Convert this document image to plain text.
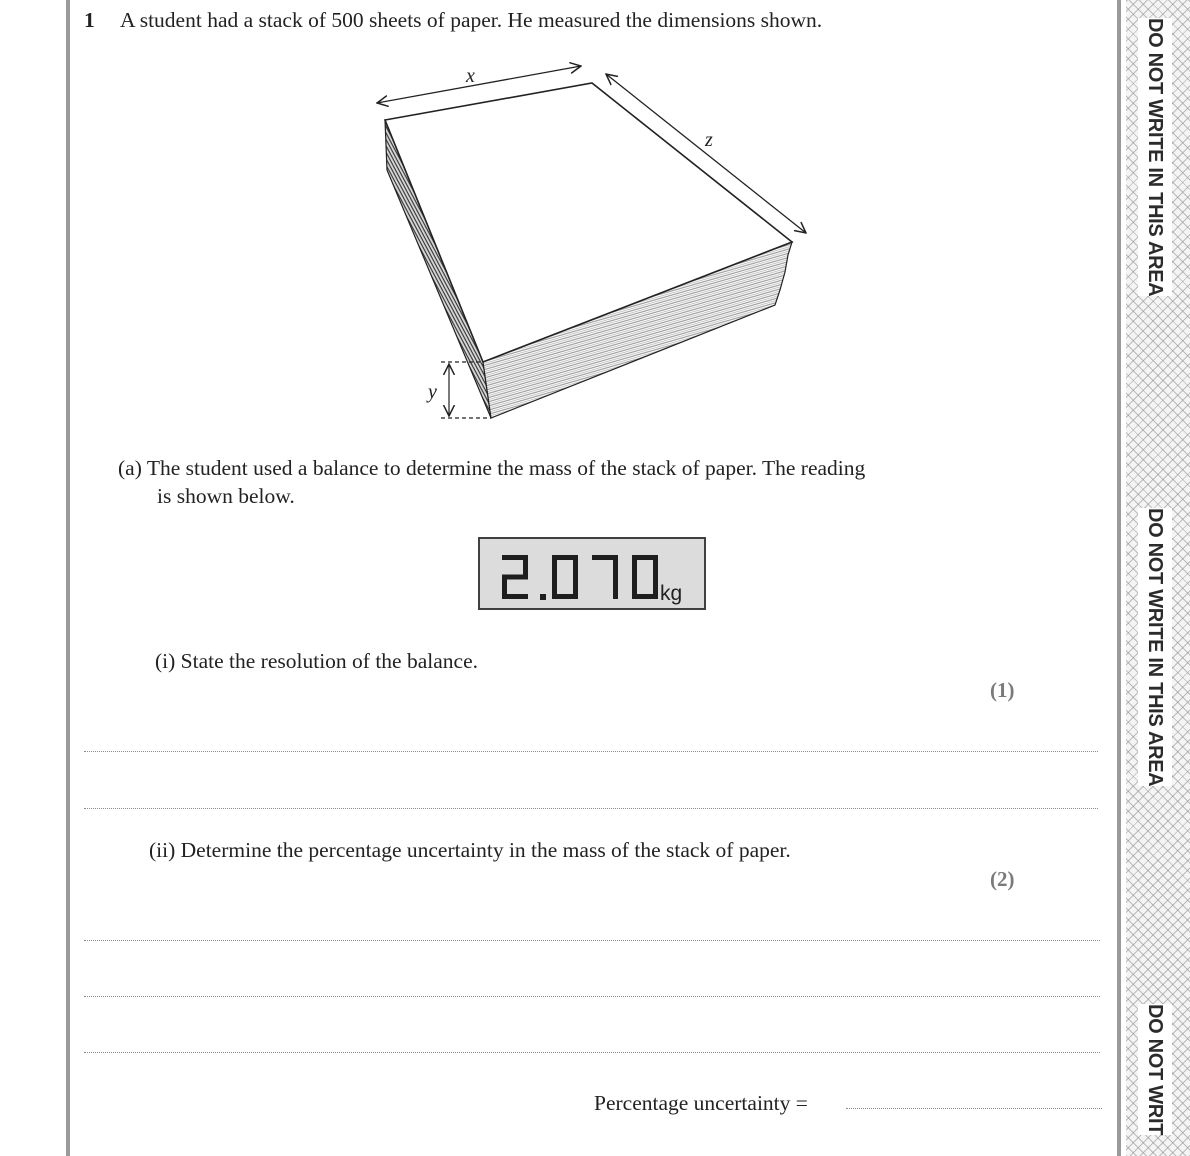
DO NOT WRITE IN THIS AREA
DO NOT WRITE IN THIS AREA
DO NOT WRIT
1 A student had a stack of 500 sheets of paper. He measured the dimensions shown.
x
z
y
(a) The student used a balance to determine the mass of the stack of paper. The reading
is shown below.
kg
(i) State the resolution of the balance.
(1)
(ii) Determine the percentage uncertainty in the mass of the stack of paper.
(2)
Percentage uncertainty =
